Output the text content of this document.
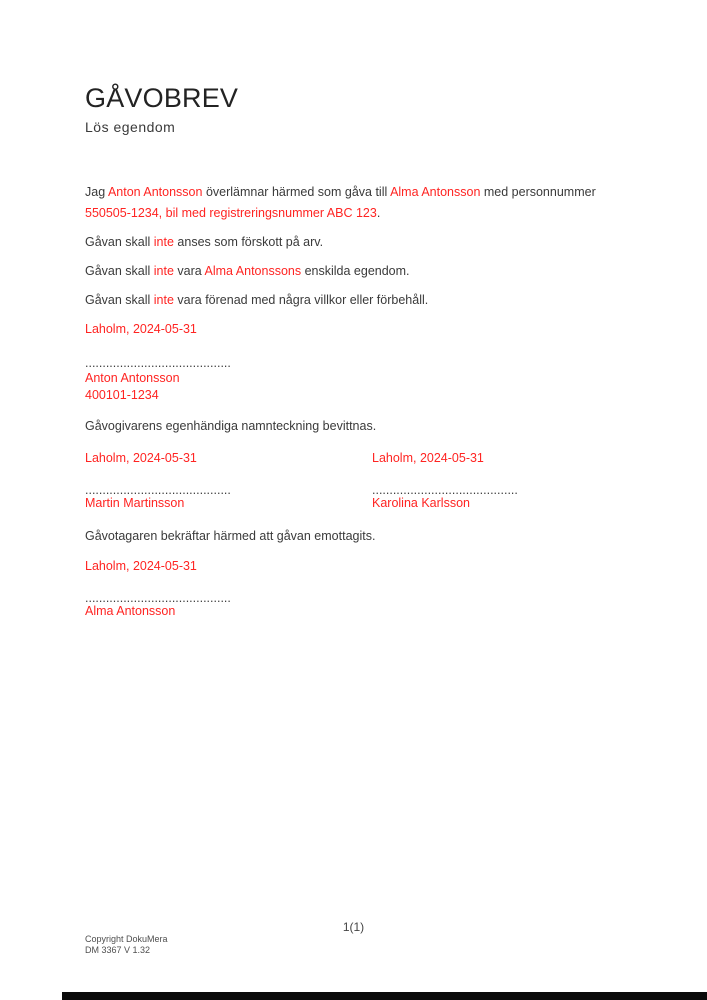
GÅVOBREV
Lös egendom

Jag Anton Antonsson överlämnar härmed som gåva till Alma Antonsson med personnummer
550505-1234, bil med registreringsnummer ABC 123.

Gåvan skall inte anses som förskott på arv.

Gåvan skall inte vara Alma Antonssons enskilda egendom.

Gåvan skall inte vara förenad med några villkor eller förbehåll.

Laholm, 2024-05-31

..........................................

Anton Antonsson

400101-1234

Gåvogivarens egenhändiga namnteckning bevittnas.

Laholm, 2024-05-31

..........................................

Martin Martinsson

Laholm, 2024-05-31

..........................................

Karolina Karlsson

Gåvotagaren bekräftar härmed att gåvan emottagits.

Laholm, 2024-05-31

..........................................

Alma Antonsson

1(1)
Copyright DokuMera
DM 3367 V 1.32
